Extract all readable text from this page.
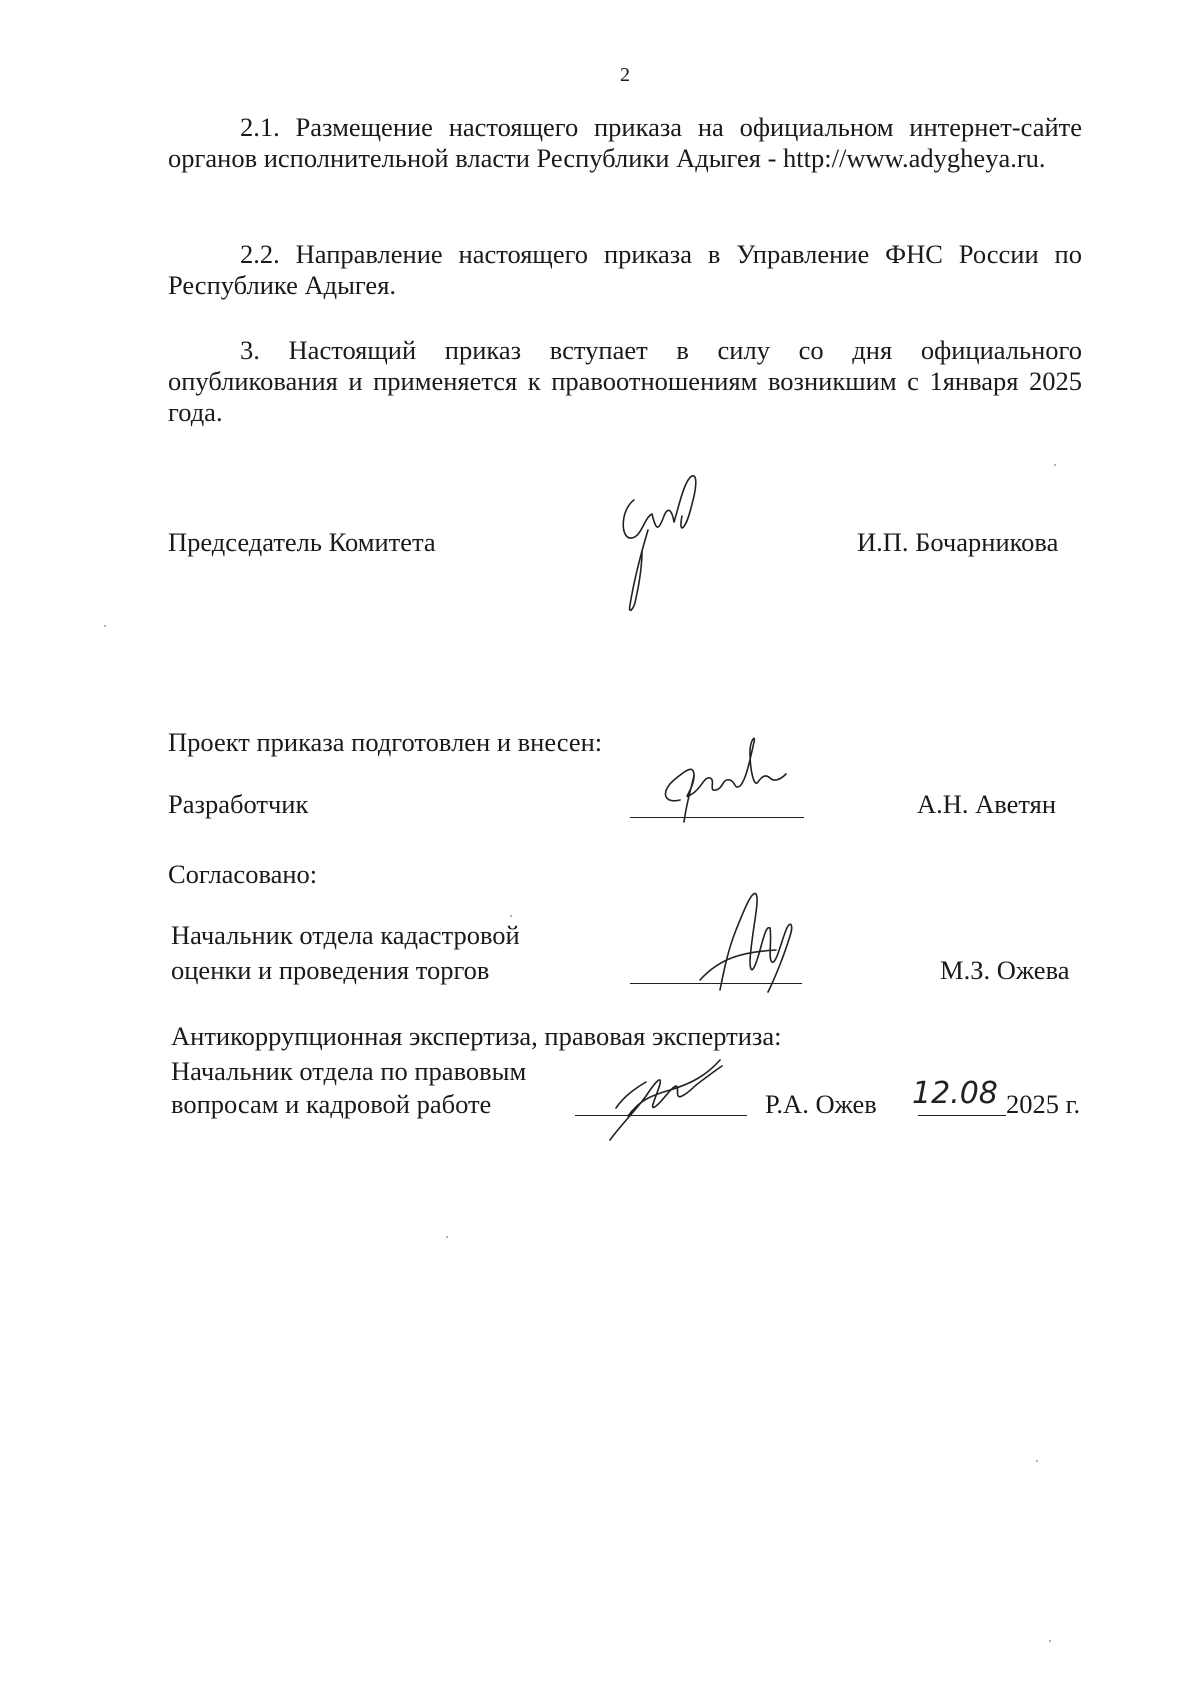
2
2.1. Размещение настоящего приказа на официальном интернет-сайте органов исполнительной власти Республики Адыгея - http://www.adygheya.ru.
2.2. Направление настоящего приказа в Управление ФНС России по Республике Адыгея.
3. Настоящий приказ вступает в силу со дня официального опубликования и применяется к правоотношениям возникшим с 1января 2025 года.
Председатель Комитета	И.П. Бочарникова
Проект приказа подготовлен и внесен:
Разработчик	А.Н. Аветян
Согласовано:
Начальник отдела кадастровой
оценки и проведения торгов	М.З. Ожева
Антикоррупционная экспертиза, правовая экспертиза:
Начальник отдела по правовым
вопросам и кадровой работе	Р.А. Ожев 12.08 2025 г.
